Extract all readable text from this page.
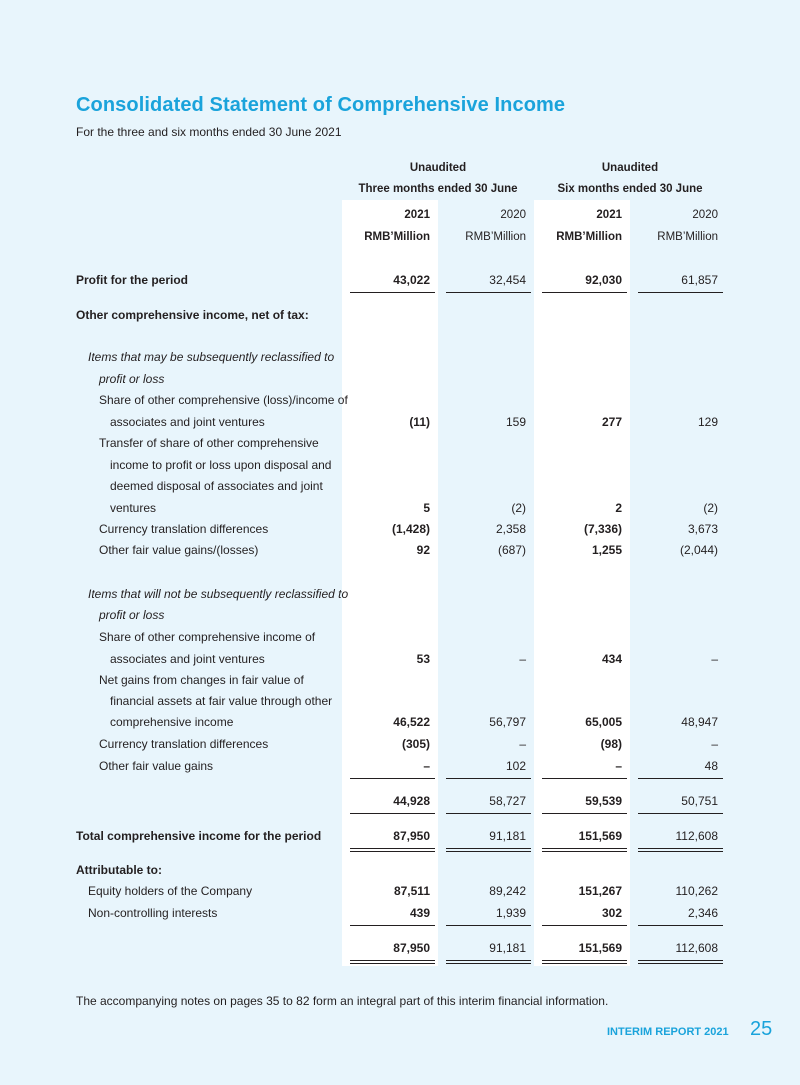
Consolidated Statement of Comprehensive Income
For the three and six months ended 30 June 2021
Unaudited
Three months ended 30 June
Unaudited
Six months ended 30 June
2021	2020	2021	2020
RMB’Million	RMB’Million	RMB’Million	RMB’Million
Profit for the period	43,022	32,454	92,030	61,857
Other comprehensive income, net of tax:
Items that may be subsequently reclassified to
profit or loss
Share of other comprehensive (loss)/income of
associates and joint ventures	(11)	159	277	129
Transfer of share of other comprehensive
income to profit or loss upon disposal and
deemed disposal of associates and joint
ventures	5	(2)	2	(2)
Currency translation differences	(1,428)	2,358	(7,336)	3,673
Other fair value gains/(losses)	92	(687)	1,255	(2,044)
Items that will not be subsequently reclassified to
profit or loss
Share of other comprehensive income of
associates and joint ventures	53	–	434	–
Net gains from changes in fair value of
financial assets at fair value through other
comprehensive income	46,522	56,797	65,005	48,947
Currency translation differences	(305)	–	(98)	–
Other fair value gains	–	102	–	48
44,928	58,727	59,539	50,751
Total comprehensive income for the period	87,950	91,181	151,569	112,608
Attributable to:
Equity holders of the Company	87,511	89,242	151,267	110,262
Non-controlling interests	439	1,939	302	2,346
87,950	91,181	151,569	112,608
The accompanying notes on pages 35 to 82 form an integral part of this interim financial information.
INTERIM REPORT 2021 25
